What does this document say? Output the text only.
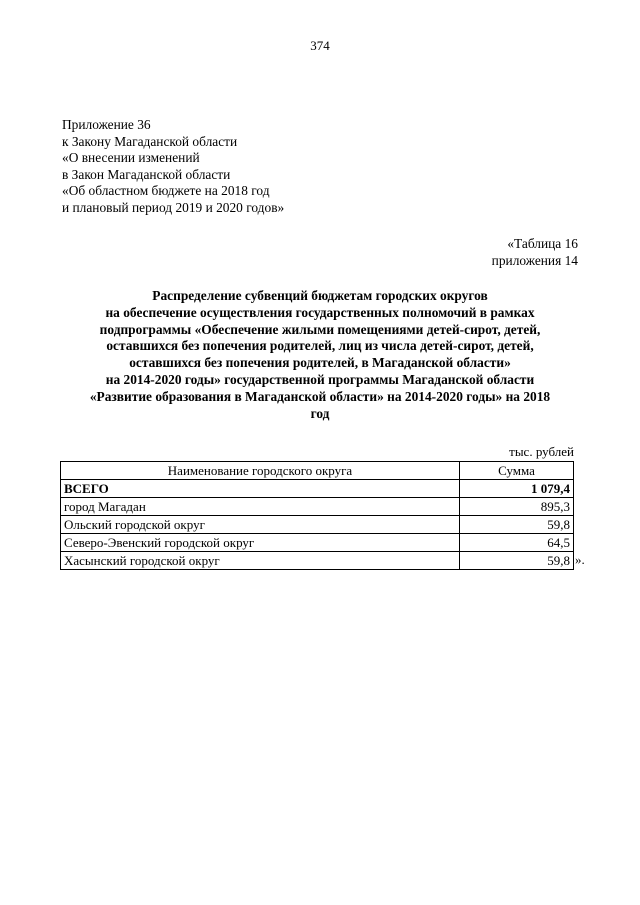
374
Приложение 36
к Закону Магаданской области
«О внесении изменений
в Закон Магаданской области
«Об областном бюджете на 2018 год
и плановый период 2019 и 2020 годов»
«Таблица 16
приложения 14
Распределение субвенций бюджетам городских округов
на обеспечение осуществления государственных полномочий в рамках
подпрограммы «Обеспечение жилыми помещениями детей-сирот, детей,
оставшихся без попечения родителей, лиц из числа детей-сирот, детей,
оставшихся без попечения родителей, в Магаданской области»
на 2014-2020 годы» государственной программы Магаданской области
«Развитие образования в Магаданской области» на 2014-2020 годы» на 2018
год
тыс. рублей
Наименование городского округа	Сумма
ВСЕГО	1 079,4
город Магадан	895,3
Ольский городской округ	59,8
Северо-Эвенский городской округ	64,5
Хасынский городской округ	59,8 ».
